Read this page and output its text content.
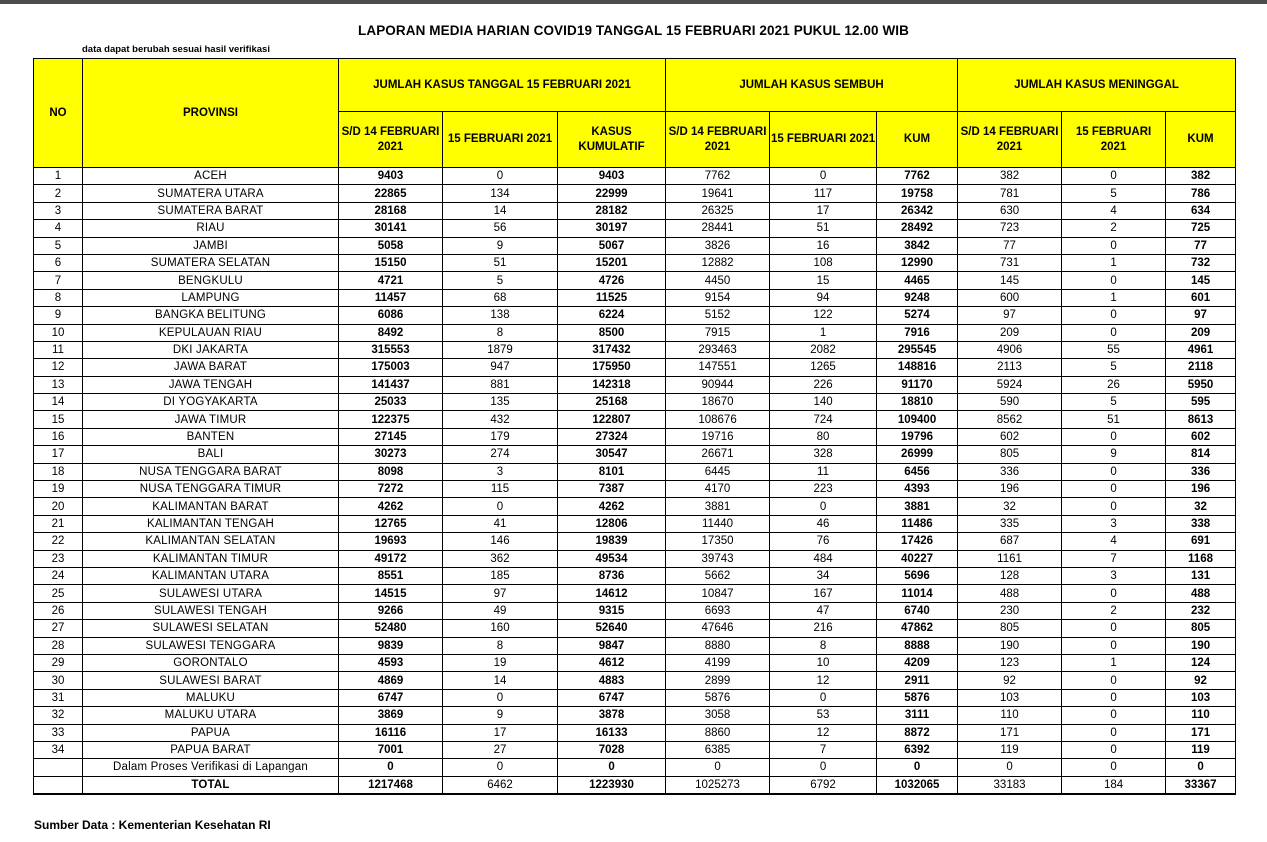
LAPORAN MEDIA HARIAN COVID19 TANGGAL 15 FEBRUARI 2021 PUKUL 12.00 WIB
data dapat berubah sesuai hasil verifikasi
NO	PROVINSI	JUMLAH KASUS TANGGAL 15 FEBRUARI 2021			JUMLAH KASUS SEMBUH			JUMLAH KASUS MENINGGAL		
		S/D 14 FEBRUARI 2021	15 FEBRUARI 2021	KASUS KUMULATIF	S/D 14 FEBRUARI 2021	15 FEBRUARI 2021	KUM	S/D 14 FEBRUARI 2021	15 FEBRUARI 2021	KUM
1	ACEH	9403	0	9403	7762	0	7762	382	0	382
2	SUMATERA UTARA	22865	134	22999	19641	117	19758	781	5	786
3	SUMATERA BARAT	28168	14	28182	26325	17	26342	630	4	634
4	RIAU	30141	56	30197	28441	51	28492	723	2	725
5	JAMBI	5058	9	5067	3826	16	3842	77	0	77
6	SUMATERA SELATAN	15150	51	15201	12882	108	12990	731	1	732
7	BENGKULU	4721	5	4726	4450	15	4465	145	0	145
8	LAMPUNG	11457	68	11525	9154	94	9248	600	1	601
9	BANGKA BELITUNG	6086	138	6224	5152	122	5274	97	0	97
10	KEPULAUAN RIAU	8492	8	8500	7915	1	7916	209	0	209
11	DKI JAKARTA	315553	1879	317432	293463	2082	295545	4906	55	4961
12	JAWA BARAT	175003	947	175950	147551	1265	148816	2113	5	2118
13	JAWA TENGAH	141437	881	142318	90944	226	91170	5924	26	5950
14	DI YOGYAKARTA	25033	135	25168	18670	140	18810	590	5	595
15	JAWA TIMUR	122375	432	122807	108676	724	109400	8562	51	8613
16	BANTEN	27145	179	27324	19716	80	19796	602	0	602
17	BALI	30273	274	30547	26671	328	26999	805	9	814
18	NUSA TENGGARA BARAT	8098	3	8101	6445	11	6456	336	0	336
19	NUSA TENGGARA TIMUR	7272	115	7387	4170	223	4393	196	0	196
20	KALIMANTAN BARAT	4262	0	4262	3881	0	3881	32	0	32
21	KALIMANTAN TENGAH	12765	41	12806	11440	46	11486	335	3	338
22	KALIMANTAN SELATAN	19693	146	19839	17350	76	17426	687	4	691
23	KALIMANTAN TIMUR	49172	362	49534	39743	484	40227	1161	7	1168
24	KALIMANTAN UTARA	8551	185	8736	5662	34	5696	128	3	131
25	SULAWESI UTARA	14515	97	14612	10847	167	11014	488	0	488
26	SULAWESI TENGAH	9266	49	9315	6693	47	6740	230	2	232
27	SULAWESI SELATAN	52480	160	52640	47646	216	47862	805	0	805
28	SULAWESI TENGGARA	9839	8	9847	8880	8	8888	190	0	190
29	GORONTALO	4593	19	4612	4199	10	4209	123	1	124
30	SULAWESI BARAT	4869	14	4883	2899	12	2911	92	0	92
31	MALUKU	6747	0	6747	5876	0	5876	103	0	103
32	MALUKU UTARA	3869	9	3878	3058	53	3111	110	0	110
33	PAPUA	16116	17	16133	8860	12	8872	171	0	171
34	PAPUA BARAT	7001	27	7028	6385	7	6392	119	0	119
	Dalam Proses Verifikasi di Lapangan	0	0	0	0	0	0	0	0	0
	TOTAL	1217468	6462	1223930	1025273	6792	1032065	33183	184	33367
Sumber Data : Kementerian Kesehatan RI
